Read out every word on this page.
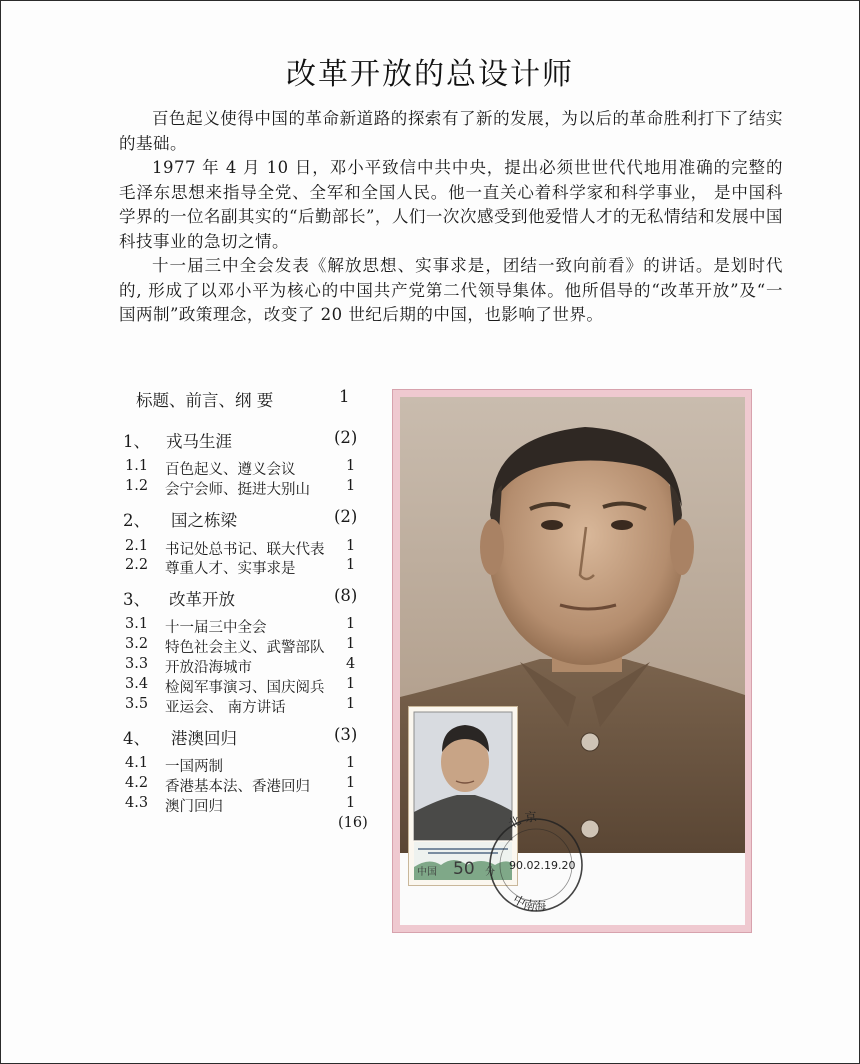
改革开放的总设计师

百色起义使得中国的革命新道路的探索有了新的发展，为以后的革命胜利打下了结实的基础。

1977 年 4 月 10 日，邓小平致信中共中央，提出必须世世代代地用准确的完整的毛泽东思想来指导全党、全军和全国人民。他一直关心着科学家和科学事业， 是中国科学界的一位名副其实的“后勤部长”，人们一次次感受到他爱惜人才的无私情结和发展中国科技事业的急切之情。

十一届三中全会发表《解放思想、实事求是，团结一致向前看》的讲话。是划时代的, 形成了以邓小平为核心的中国共产党第二代领导集体。他所倡导的“改革开放”及“一国两制”政策理念，改变了 20 世纪后期的中国，也影响了世界。

标题、前言、纲 要	1
1、 戎马生涯	(2)
1.1 百色起义、遵义会议	1
1.2 会宁会师、挺进大别山 1
2、 国之栋梁	(2)
2.1 书记处总书记、联大代表 1
2.2 尊重人才、实事求是	1
3、 改革开放	(8)
3.1 十一届三中全会	1
3.2 特色社会主义、武警部队 1
3.3 开放沿海城市	4
3.4 检阅军事演习、国庆阅兵 1
3.5 亚运会、 南方讲话	1
4、 港澳回归	(3)
4.1 一国两制	1
4.2 香港基本法、香港回归 1
4.3 澳门回归	1
(16)
中国 50 分
北 京
90.02.19.20
中南海
